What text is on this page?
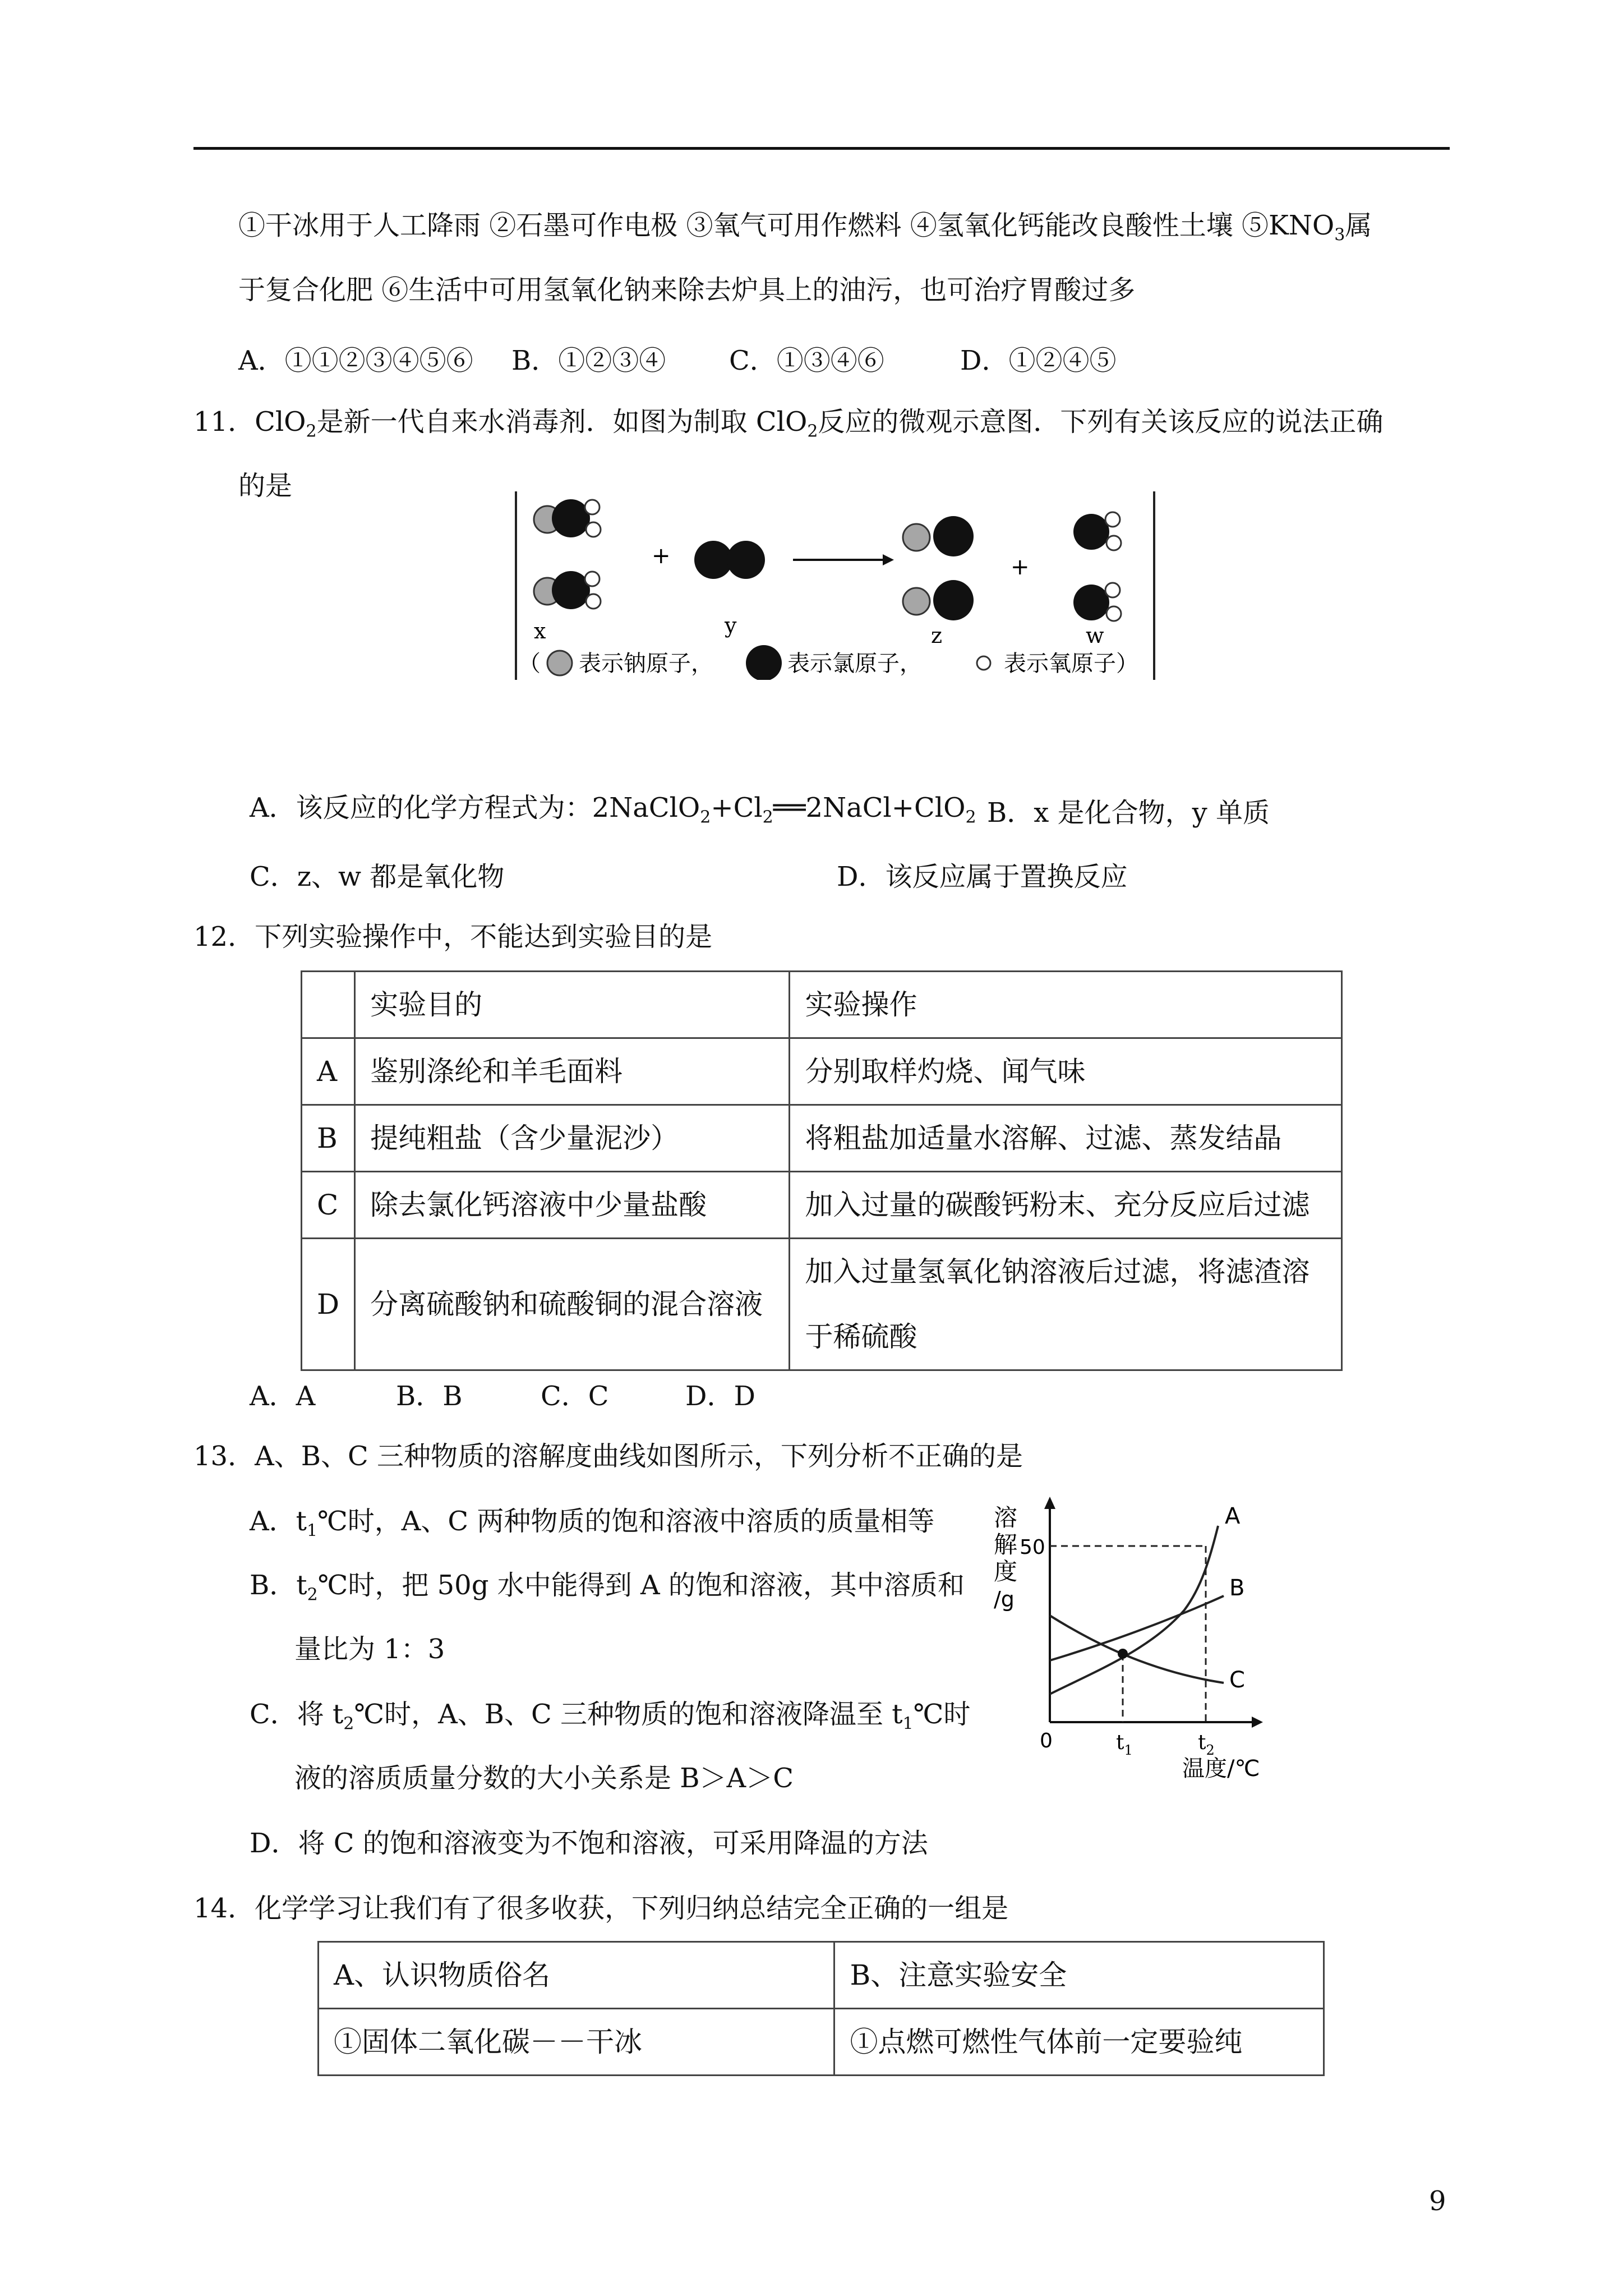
①干冰用于人工降雨 ②石墨可作电极 ③氧气可用作燃料 ④氢氧化钙能改良酸性土壤 $⑤KNO_3$属
于复合化肥 ⑥生活中可用氢氧化钠来除去炉具上的油污，也可治疗胃酸过多
A．①①②③④⑤⑥ B．①②③④ C．①③④⑥	D．①②④⑤
11．ClO$_2$是新一代自来水消毒剂．如图为制取 ClO$_2$反应的微观示意图．下列有关该反应的说法正确
的是
+	+
x	y	z	w
（ 表示钠原子，	表示氯原子，	表示氧原子）
A．该反应的化学方程式为：$2NaClO_2+Cl_2══2NaCl+ClO_2$ B．x 是化合物，y 单质
C．z、w 都是氧化物	D．该反应属于置换反应
12．下列实验操作中，不能达到实验目的是
	实验目的	实验操作
A	鉴别涤纶和羊毛面料	分别取样灼烧、闻气味
B	提纯粗盐（含少量泥沙）	将粗盐加适量水溶解、过滤、蒸发结晶
C	除去氯化钙溶液中少量盐酸	加入过量的碳酸钙粉末、充分反应后过滤
D	分离硫酸钠和硫酸铜的混合溶液	加入过量氢氧化钠溶液后过滤，将滤渣溶
于稀硫酸
A．A	B．B	C．C	D．D
13．A、B、C 三种物质的溶解度曲线如图所示，下列分析不正确的是
A．$t_1℃$时，A、C 两种物质的饱和溶液中溶质的质量相等
B．$t_2℃$时，把 50g 水中能得到 A 的饱和溶液，其中溶质和
量比为 1：3
C．将 $t_2℃$时，A、B、C 三种物质的饱和溶液降温至 $t_1℃$时
液的溶质质量分数的大小关系是 B＞A＞C
D．将 C 的饱和溶液变为不饱和溶液，可采用降温的方法
溶
解
度
/g
50
0	$t_1$	$t_2$
温度/℃
A
B
C
14．化学学习让我们有了很多收获，下列归纳总结完全正确的一组是
A、认识物质俗名	B、注意实验安全
①固体二氧化碳－－干冰	①点燃可燃性气体前一定要验纯
9
